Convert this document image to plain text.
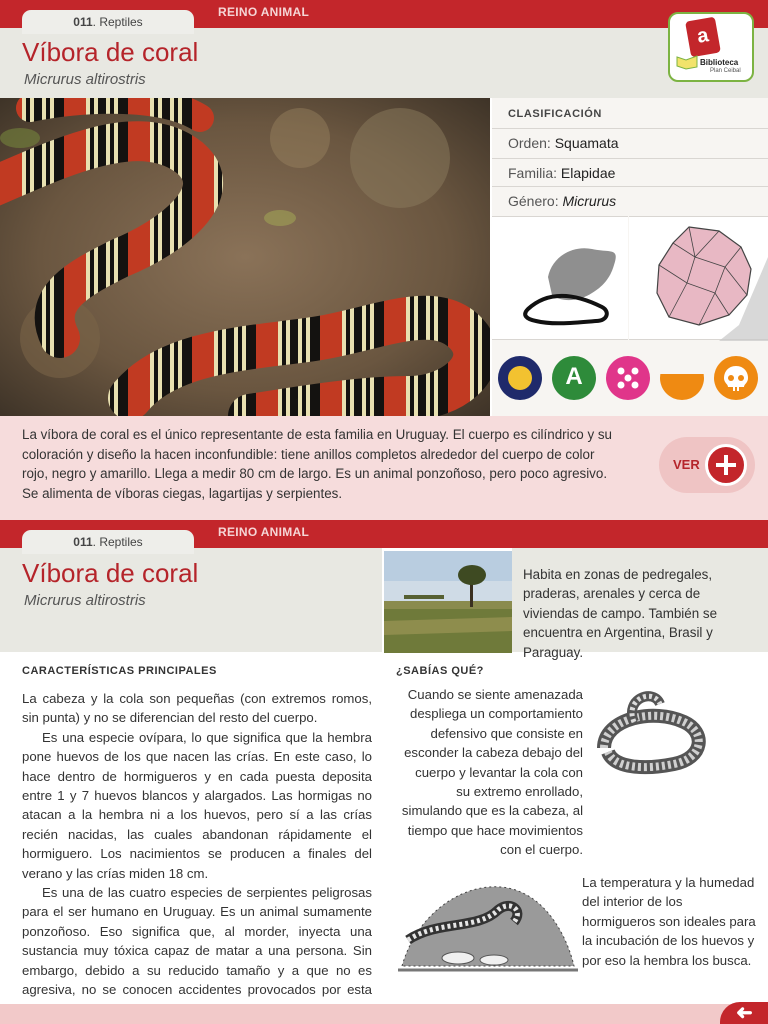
REINO ANIMAL
011. Reptiles
Víbora de coral
Micrurus altirostris
a
Biblioteca
Plan Ceibal
CLASIFICACIÓN
Orden: Squamata
Familia: Elapidae
Género: Micrurus
A

La víbora de coral es el único representante de esta familia en Uruguay. El cuerpo es cilíndrico y su coloración y diseño la hacen inconfundible: tiene anillos completos alrededor del cuerpo de color rojo, negro y amarillo. Llega a medir 80 cm de largo. Es un animal ponzoñoso, pero poco agresivo. Se alimenta de víboras ciegas, lagartijas y serpientes.

VER
REINO ANIMAL
011. Reptiles
Víbora de coral
Micrurus altirostris
Habita en zonas de pedregales, praderas, arenales y cerca de viviendas de campo. También se encuentra en Argentina, Brasil y Paraguay.
CARACTERÍSTICAS PRINCIPALES
La cabeza y la cola son pequeñas (con extremos romos, sin punta) y no se diferencian del resto del cuerpo.
Es una especie ovípara, lo que significa que la hembra pone huevos de los que nacen las crías. En este caso, lo hace dentro de hormigueros y en cada puesta deposita entre 1 y 7 huevos blancos y alargados. Las hormigas no atacan a la hembra ni a los huevos, pero sí a las crías recién nacidas, las cuales abandonan rápidamente el hormiguero. Los nacimientos se producen a finales del verano y las crías miden 18 cm.
Es una de las cuatro especies de serpientes peligrosas para el ser humano en Uruguay. Es un animal sumamente ponzoñoso. Eso significa que, al morder, inyecta una sustancia muy tóxica capaz de matar a una persona. Sin embargo, debido a su reducido tamaño y a que no es agresiva, no se conocen accidentes provocados por esta
¿SABÍAS QUÉ?
Cuando se siente amenazada despliega un comportamiento defensivo que consiste en esconder la cabeza debajo del cuerpo y levantar la cola con su extremo enrollado, simulando que es la cabeza, al tiempo que hace movimientos con el cuerpo.
La temperatura y la humedad del interior de los hormigueros son ideales para la incubación de los huevos y por eso la hembra los busca.
➜
